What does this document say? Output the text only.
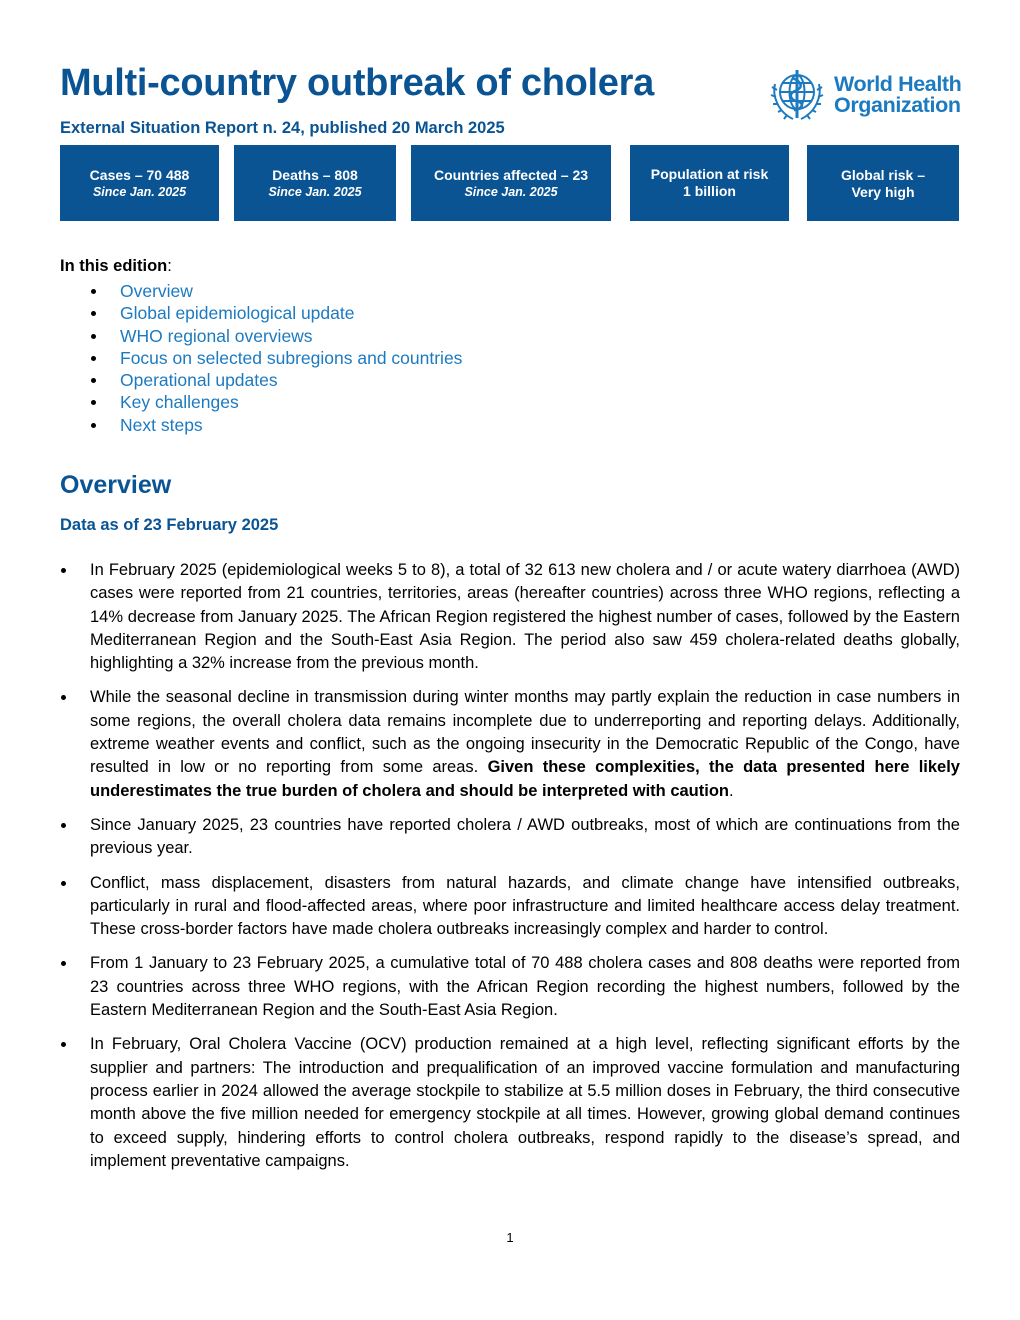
Multi-country outbreak of cholera
External Situation Report n. 24, published 20 March 2025
World Health
Organization
Cases – 70 488
Since Jan. 2025
Deaths – 808
Since Jan. 2025
Countries affected – 23
Since Jan. 2025
Population at risk
1 billion
Global risk –
Very high
In this edition:
Overview
Global epidemiological update
WHO regional overviews
Focus on selected subregions and countries
Operational updates
Key challenges
Next steps
Overview
Data as of 23 February 2025
In February 2025 (epidemiological weeks 5 to 8), a total of 32 613 new cholera and / or acute watery diarrhoea (AWD) cases were reported from 21 countries, territories, areas (hereafter countries) across three WHO regions, reflecting a 14% decrease from January 2025. The African Region registered the highest number of cases, followed by the Eastern Mediterranean Region and the South-East Asia Region. The period also saw 459 cholera-related deaths globally, highlighting a 32% increase from the previous month.
While the seasonal decline in transmission during winter months may partly explain the reduction in case numbers in some regions, the overall cholera data remains incomplete due to underreporting and reporting delays. Additionally, extreme weather events and conflict, such as the ongoing insecurity in the Democratic Republic of the Congo, have resulted in low or no reporting from some areas. Given these complexities, the data presented here likely underestimates the true burden of cholera and should be interpreted with caution.
Since January 2025, 23 countries have reported cholera / AWD outbreaks, most of which are continuations from the previous year.
Conflict, mass displacement, disasters from natural hazards, and climate change have intensified outbreaks, particularly in rural and flood-affected areas, where poor infrastructure and limited healthcare access delay treatment. These cross-border factors have made cholera outbreaks increasingly complex and harder to control.
From 1 January to 23 February 2025, a cumulative total of 70 488 cholera cases and 808 deaths were reported from 23 countries across three WHO regions, with the African Region recording the highest numbers, followed by the Eastern Mediterranean Region and the South-East Asia Region.
In February, Oral Cholera Vaccine (OCV) production remained at a high level, reflecting significant efforts by the supplier and partners: The introduction and prequalification of an improved vaccine formulation and manufacturing process earlier in 2024 allowed the average stockpile to stabilize at 5.5 million doses in February, the third consecutive month above the five million needed for emergency stockpile at all times. However, growing global demand continues to exceed supply, hindering efforts to control cholera outbreaks, respond rapidly to the disease’s spread, and implement preventative campaigns.
1
